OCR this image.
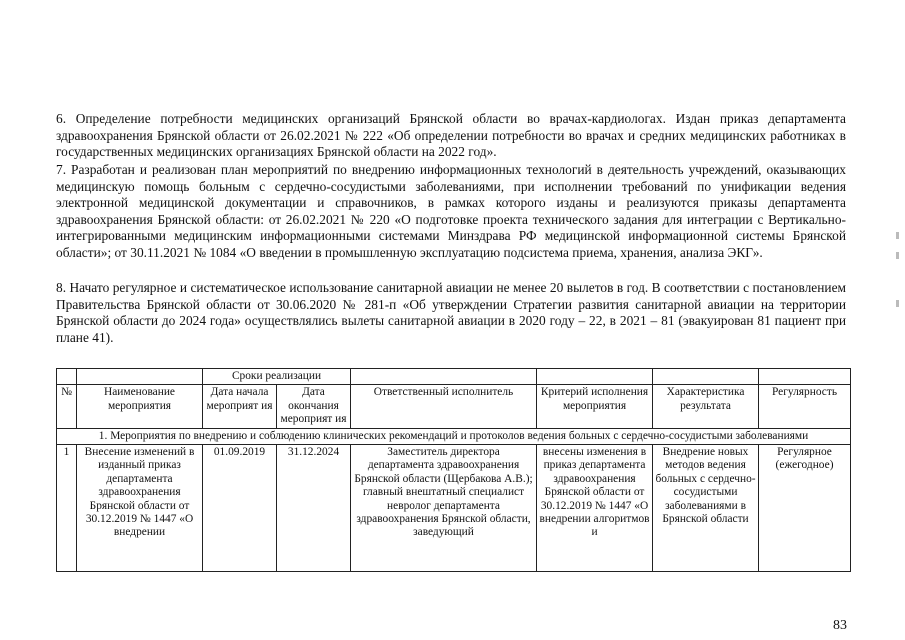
6. Определение потребности медицинских организаций Брянской области во врачах-кардиологах. Издан приказ департамента здравоохранения Брянской области от 26.02.2021 № 222 «Об определении потребности во врачах и средних медицинских работниках в государственных медицинских организациях Брянской области на 2022 год».

7. Разработан и реализован план мероприятий по внедрению информационных технологий в деятельность учреждений, оказывающих медицинскую помощь больным с сердечно-сосудистыми заболеваниями, при исполнении требований по унификации ведения электронной медицинской документации и справочников, в рамках которого изданы и реализуются приказы департамента здравоохранения Брянской области: от 26.02.2021 № 220 «О подготовке проекта технического задания для интеграции с Вертикально-интегрированными медицинским информационными системами Минздрава РФ медицинской информационной системы Брянской области»; от 30.11.2021 № 1084 «О введении в промышленную эксплуатацию подсистема приема, хранения, анализа ЭКГ».

8. Начато регулярное и систематическое использование санитарной авиации не менее 20 вылетов в год. В соответствии с постановлением Правительства Брянской области от 30.06.2020 № 281-п «Об утверждении Стратегии развития санитарной авиации на территории Брянской области до 2024 года» осуществлялись вылеты санитарной авиации в 2020 году – 22, в 2021 – 81 (эвакуирован 81 пациент при плане 41).

		Сроки реализации					
№	Наименование мероприятия	Дата начала мероприят ия	Дата окончания мероприят ия	Ответственный исполнитель	Критерий исполнения мероприятия	Характеристика результата	Регулярность
1. Мероприятия по внедрению и соблюдению клинических рекомендаций и протоколов ведения больных с сердечно-сосудистыми заболеваниями							
1	Внесение изменений в изданный приказ департамента здравоохранения Брянской области от 30.12.2019 № 1447 «О внедрении	01.09.2019	31.12.2024	Заместитель директора департамента здравоохранения Брянской области (Щербакова А.В.); главный внештатный специалист невролог департамента здравоохранения Брянской области, заведующий	внесены изменения в приказ департамента здравоохранения Брянской области от 30.12.2019 № 1447 «О внедрении алгоритмов и	Внедрение новых методов ведения больных с сердечно-сосудистыми заболеваниями в Брянской области	Регулярное (ежегодное)
83
